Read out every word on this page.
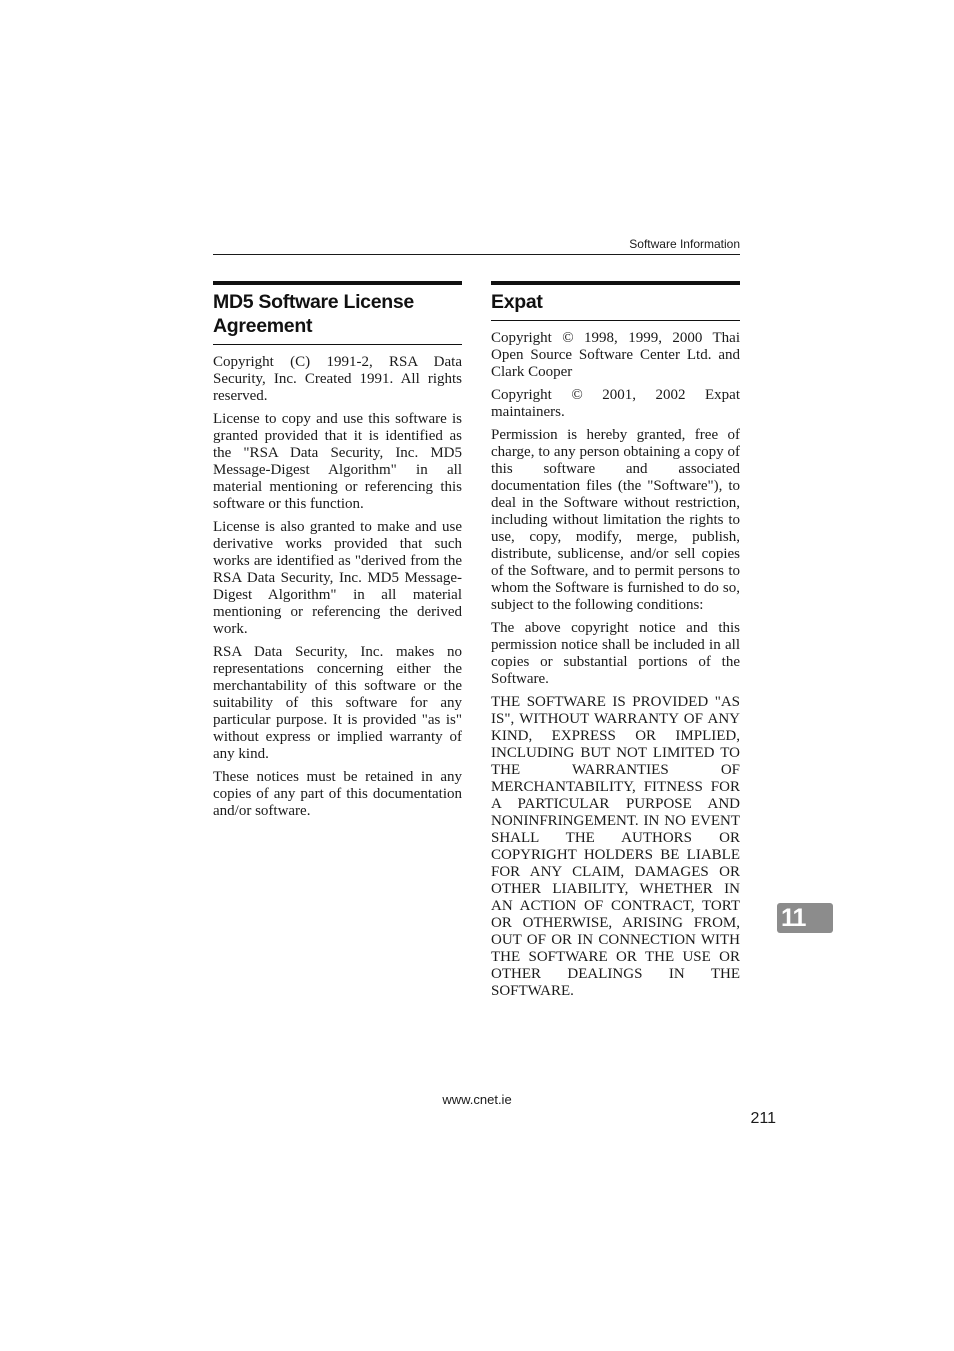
Software Information
MD5 Software License
Agreement

Copyright (C) 1991-2, RSA Data Security, Inc. Created 1991. All rights reserved.

License to copy and use this software is granted provided that it is identified as the "RSA Data Security, Inc. MD5 Message-Digest Algorithm" in all material mentioning or referencing this software or this function.

License is also granted to make and use derivative works provided that such works are identified as "derived from the RSA Data Security, Inc. MD5 Message-Digest Algorithm" in all material mentioning or referencing the derived work.

RSA Data Security, Inc. makes no representations concerning either the merchantability of this software or the suitability of this software for any particular purpose. It is provided "as is" without express or implied warranty of any kind.

These notices must be retained in any copies of any part of this documentation and/or software.

Expat

Copyright © 1998, 1999, 2000 Thai Open Source Software Center Ltd. and Clark Cooper

Copyright © 2001, 2002 Expat maintainers.

Permission is hereby granted, free of charge, to any person obtaining a copy of this software and associated documentation files (the "Software"), to deal in the Software without restriction, including without limitation the rights to use, copy, modify, merge, publish, distribute, sublicense, and/or sell copies of the Software, and to permit persons to whom the Software is furnished to do so, subject to the following conditions:

The above copyright notice and this permission notice shall be included in all copies or substantial portions of the Software.

THE SOFTWARE IS PROVIDED "AS IS", WITHOUT WARRANTY OF ANY KIND, EXPRESS OR IMPLIED, INCLUDING BUT NOT LIMITED TO THE WARRANTIES OF MERCHANTABILITY, FITNESS FOR A PARTICULAR PURPOSE AND NONINFRINGEMENT. IN NO EVENT SHALL THE AUTHORS OR COPYRIGHT HOLDERS BE LIABLE FOR ANY CLAIM, DAMAGES OR OTHER LIABILITY, WHETHER IN AN ACTION OF CONTRACT, TORT OR OTHERWISE, ARISING FROM, OUT OF OR IN CONNECTION WITH THE SOFTWARE OR THE USE OR OTHER DEALINGS IN THE SOFTWARE.

11
www.cnet.ie
211
